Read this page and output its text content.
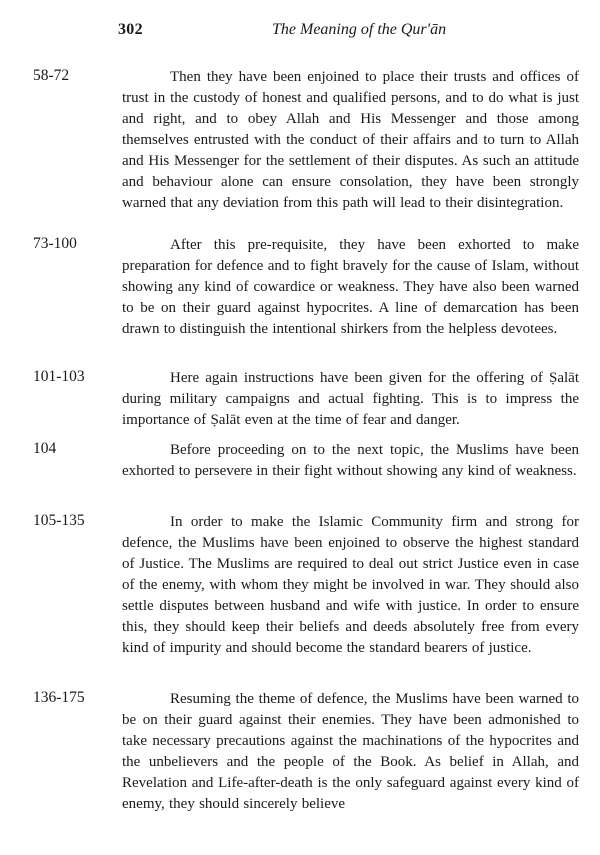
302	The Meaning of the Qur'ān
58-72	Then they have been enjoined to place their trusts and offices of trust in the custody of honest and qualified persons, and to do what is just and right, and to obey Allah and His Messenger and those among themselves entrusted with the conduct of their affairs and to turn to Allah and His Messenger for the settlement of their disputes. As such an attitude and behaviour alone can ensure consolation, they have been strongly warned that any deviation from this path will lead to their disintegration.

73-100	After this pre-requisite, they have been exhorted to make preparation for defence and to fight bravely for the cause of Islam, without showing any kind of cowardice or weakness. They have also been warned to be on their guard against hypocrites. A line of demarcation has been drawn to distinguish the intentional shirkers from the helpless devotees.

101-103	Here again instructions have been given for the offering of Ṣalāt during military campaigns and actual fighting. This is to impress the importance of Ṣalāt even at the time of fear and danger.

104	Before proceeding on to the next topic, the Muslims have been exhorted to persevere in their fight without showing any kind of weakness.

105-135	In order to make the Islamic Community firm and strong for defence, the Muslims have been enjoined to observe the highest standard of Justice. The Muslims are required to deal out strict Justice even in case of the enemy, with whom they might be involved in war. They should also settle disputes between husband and wife with justice. In order to ensure this, they should keep their beliefs and deeds absolutely free from every kind of impurity and should become the standard bearers of justice.

136-175	Resuming the theme of defence, the Muslims have been warned to be on their guard against their enemies. They have been admonished to take necessary precautions against the machinations of the hypocrites and the unbelievers and the people of the Book. As belief in Allah, and Revelation and Life-after-death is the only safeguard against every kind of enemy, they should sincerely believe
